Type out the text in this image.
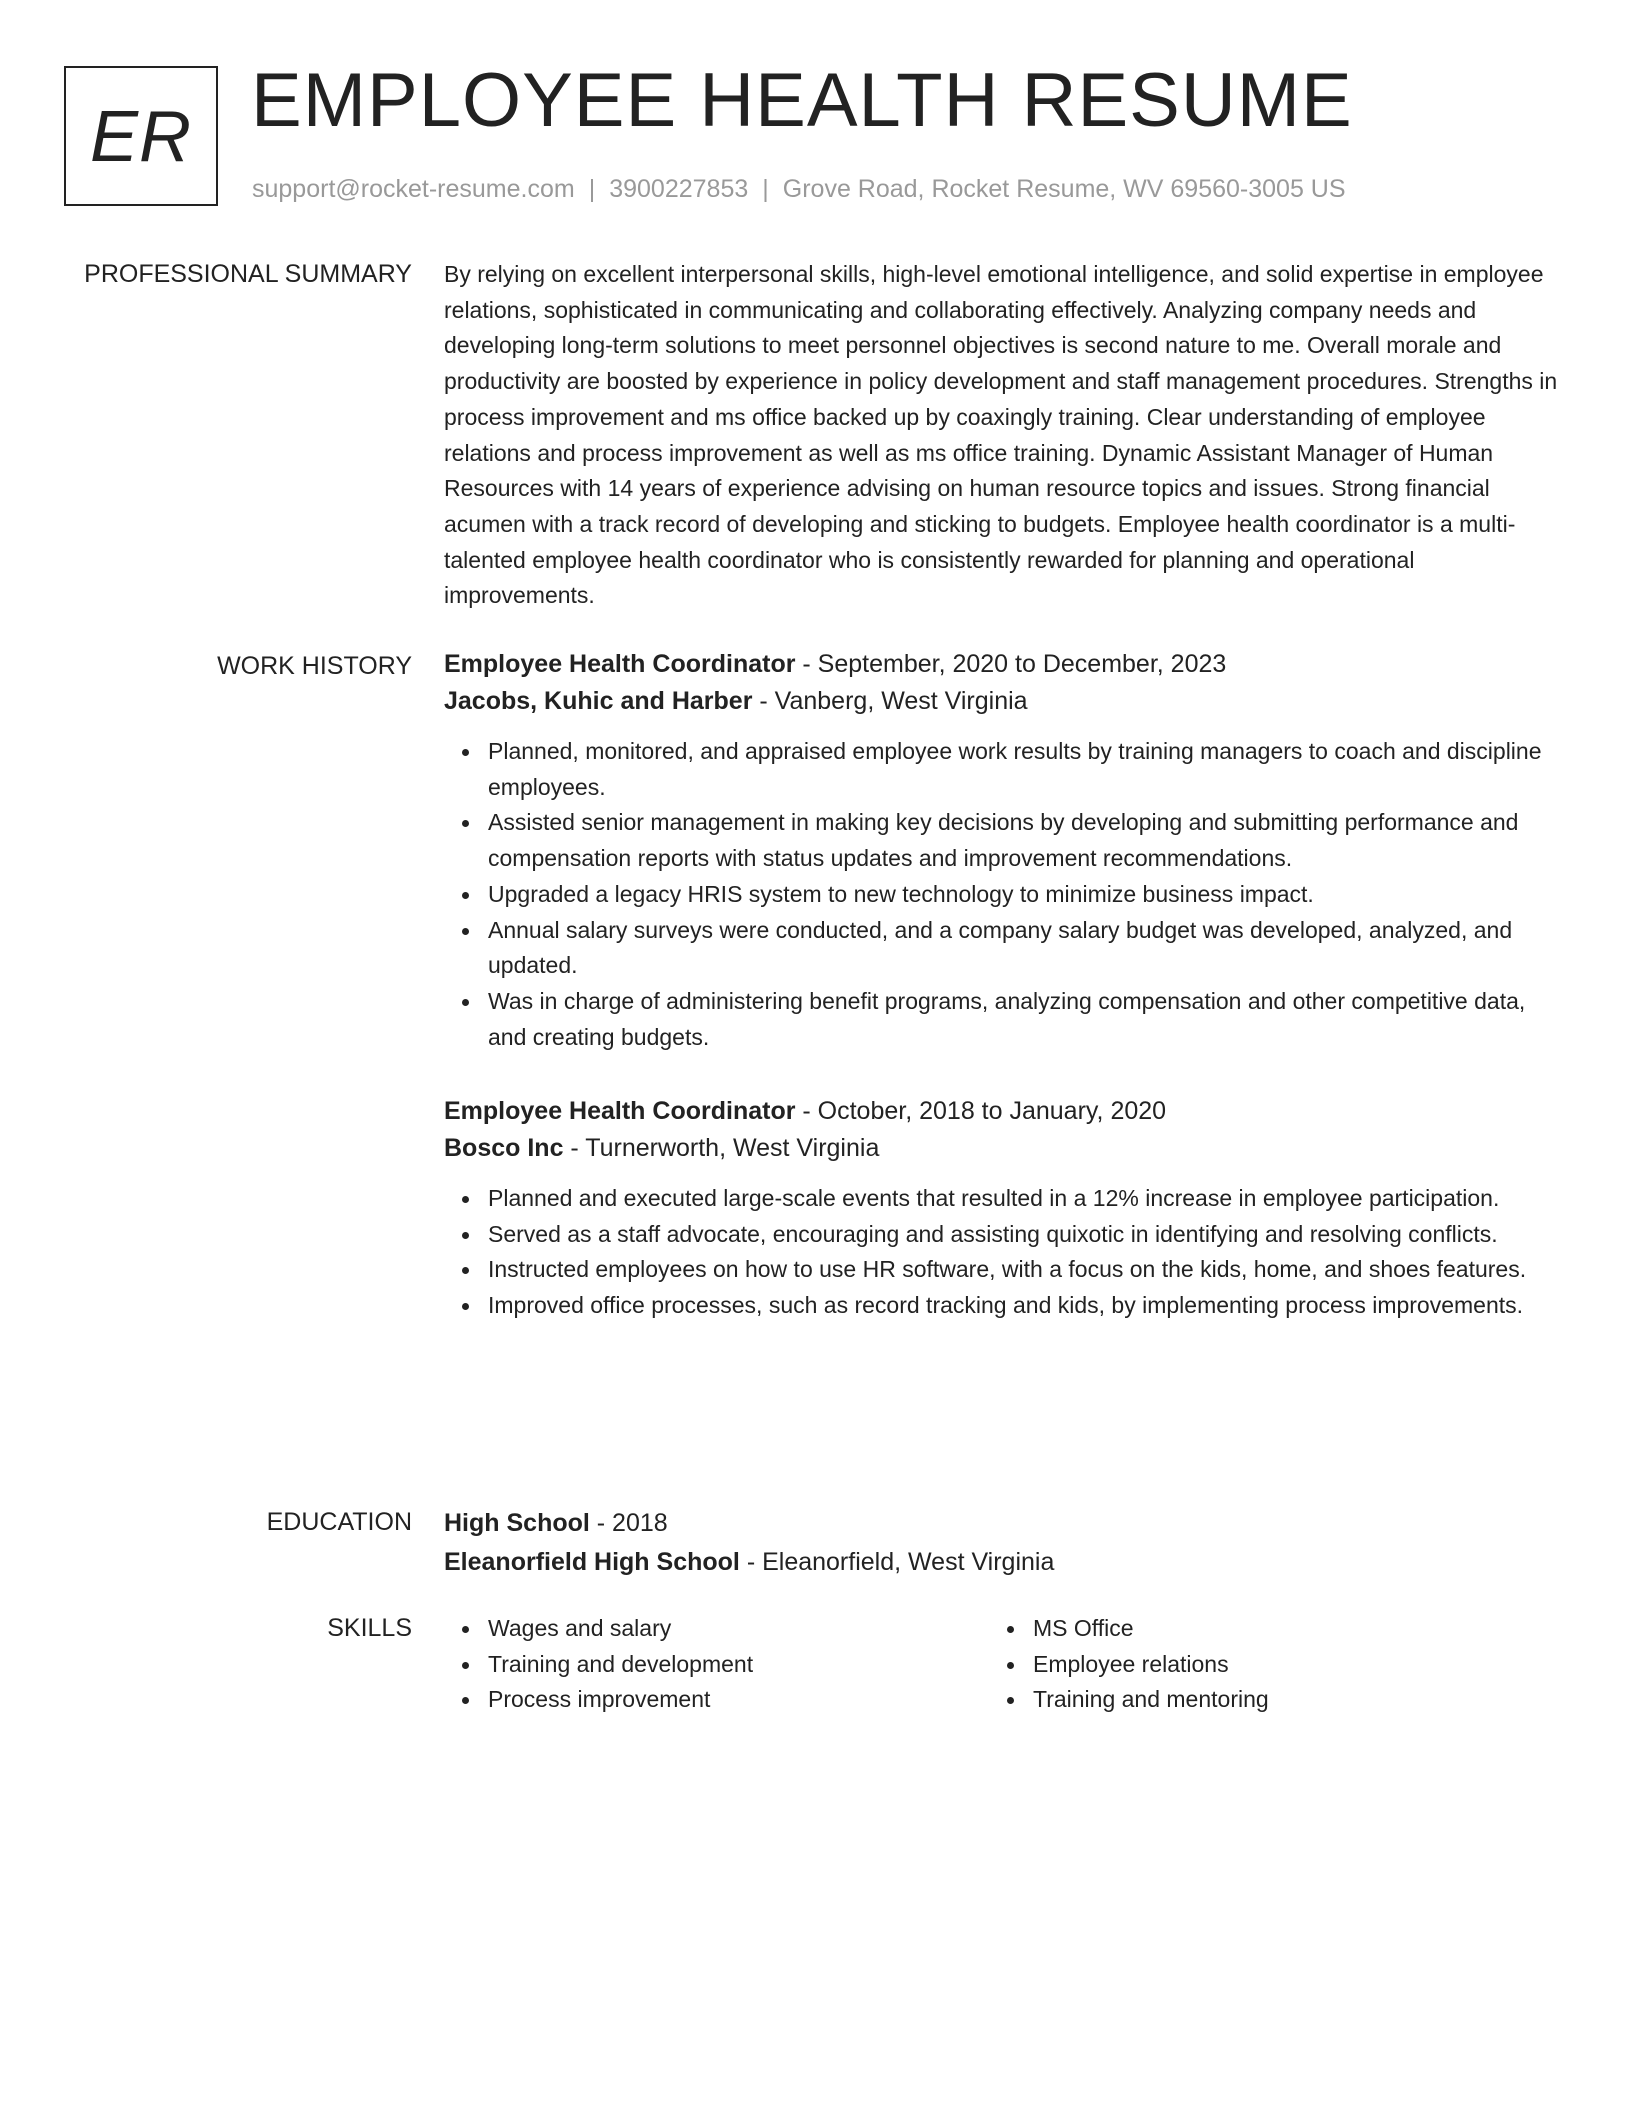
ER EMPLOYEE HEALTH RESUME
support@rocket-resume.com | 3900227853 | Grove Road, Rocket Resume, WV 69560-3005 US
PROFESSIONAL SUMMARY By relying on excellent interpersonal skills, high-level emotional intelligence, and solid expertise in employee relations, sophisticated in communicating and collaborating effectively. Analyzing company needs and developing long-term solutions to meet personnel objectives is second nature to me. Overall morale and productivity are boosted by experience in policy development and staff management procedures. Strengths in process improvement and ms office backed up by coaxingly training. Clear understanding of employee relations and process improvement as well as ms office training. Dynamic Assistant Manager of Human Resources with 14 years of experience advising on human resource topics and issues. Strong financial acumen with a track record of developing and sticking to budgets. Employee health coordinator is a multi-talented employee health coordinator who is consistently rewarded for planning and operational improvements.

WORK HISTORY Employee Health Coordinator - September, 2020 to December, 2023
Jacobs, Kuhic and Harber - Vanberg, West Virginia
Planned, monitored, and appraised employee work results by training managers to coach and discipline employees.
Assisted senior management in making key decisions by developing and submitting performance and compensation reports with status updates and improvement recommendations.
Upgraded a legacy HRIS system to new technology to minimize business impact.
Annual salary surveys were conducted, and a company salary budget was developed, analyzed, and updated.
Was in charge of administering benefit programs, analyzing compensation and other competitive data, and creating budgets.
Employee Health Coordinator - October, 2018 to January, 2020
Bosco Inc - Turnerworth, West Virginia
Planned and executed large-scale events that resulted in a 12% increase in employee participation.
Served as a staff advocate, encouraging and assisting quixotic in identifying and resolving conflicts.
Instructed employees on how to use HR software, with a focus on the kids, home, and shoes features.
Improved office processes, such as record tracking and kids, by implementing process improvements.
EDUCATION High School - 2018
Eleanorfield High School - Eleanorfield, West Virginia
SKILLS	Wages and salary
Training and development
Process improvement
MS Office
Employee relations
Training and mentoring
